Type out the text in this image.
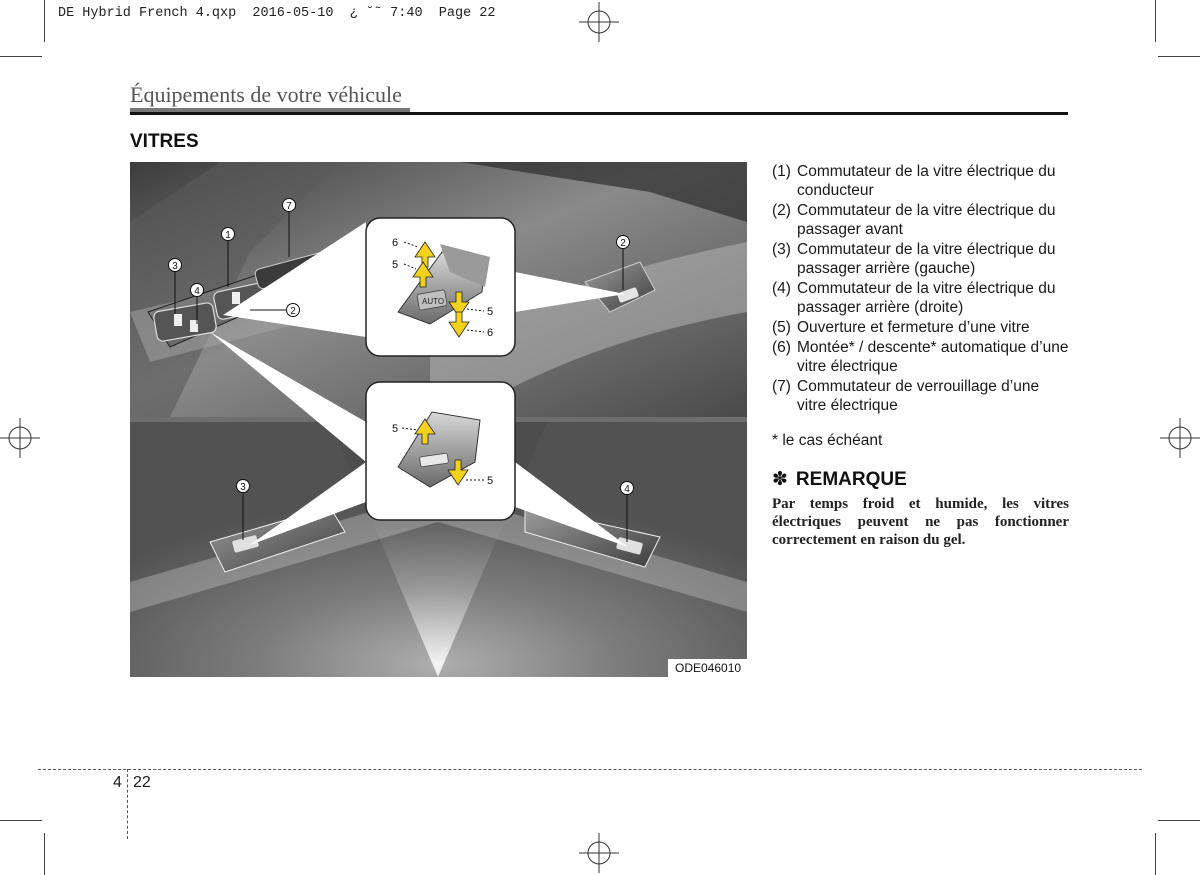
DE Hybrid French 4.qxp  2016-05-10  ¿ ˘˜ 7:40  Page 22
Équipements de votre véhicule
VITRES
AUTO
6
5
5
6
5
5
1
2
3
4
7
2
3	4
ODE046010
(1) Commutateur de la vitre électrique du conducteur
(2) Commutateur de la vitre électrique du passager avant
(3) Commutateur de la vitre électrique du passager arrière (gauche)
(4) Commutateur de la vitre électrique du passager arrière (droite)
(5) Ouverture et fermeture d’une vitre
(6) Montée* / descente* automatique d’une vitre électrique
(7) Commutateur de verrouillage d’une vitre électrique
* le cas échéant
✽ REMARQUE
Par temps froid et humide, les vitres électriques peuvent ne pas fonctionner correctement en raison du gel.
4 22
